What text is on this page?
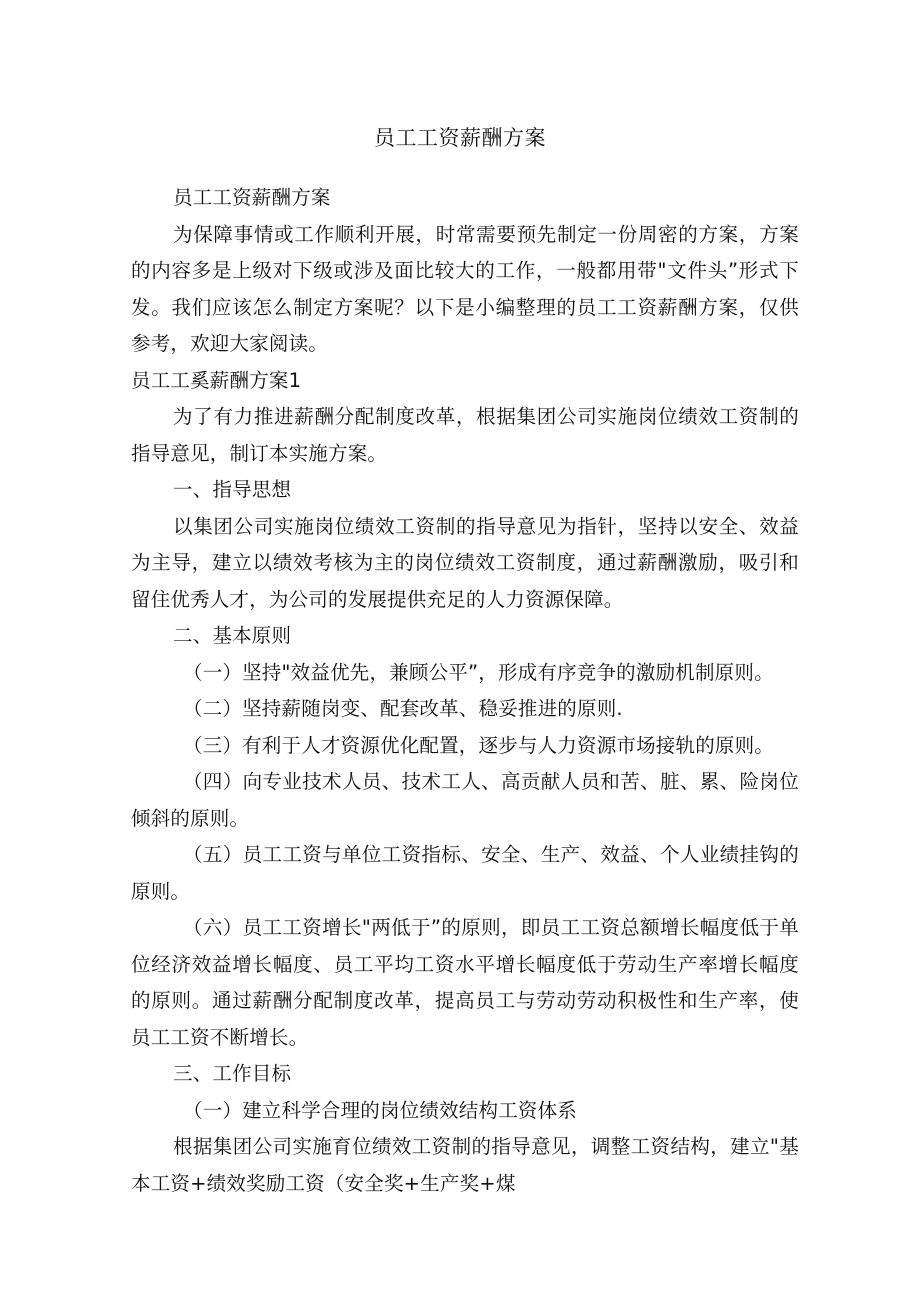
员工工资薪酬方案

员工工资薪酬方案

为保障事情或工作顺利开展，时常需要预先制定一份周密的方案，方案的内容多是上级对下级或涉及面比较大的工作，一般都用带"文件头”形式下发。我们应该怎么制定方案呢？以下是小编整理的员工工资薪酬方案，仅供参考，欢迎大家阅读。

员工工奚薪酬方案1

为了有力推进薪酬分配制度改革，根据集团公司实施岗位绩效工资制的指导意见，制订本实施方案。

一、指导思想

以集团公司实施岗位绩效工资制的指导意见为指针，坚持以安全、效益为主导，建立以绩效考核为主的岗位绩效工资制度，通过薪酬激励，吸引和留住优秀人才，为公司的发展提供充足的人力资源保障。

二、基本原则

（一）坚持"效益优先，兼顾公平”，形成有序竞争的激励机制原则。

（二）坚持薪随岗变、配套改革、稳妥推进的原则.

（三）有利于人才资源优化配置，逐步与人力资源市场接轨的原则。

（四）向专业技术人员、技术工人、高贡献人员和苦、脏、累、险岗位倾斜的原则。

（五）员工工资与单位工资指标、安全、生产、效益、个人业绩挂钩的原则。

（六）员工工资增长"两低于”的原则，即员工工资总额增长幅度低于单位经济效益增长幅度、员工平均工资水平增长幅度低于劳动生产率增长幅度的原则。通过薪酬分配制度改革，提高员工与劳动劳动积极性和生产率，使员工工资不断增长。

三、工作目标

（一）建立科学合理的岗位绩效结构工资体系

根据集团公司实施育位绩效工资制的指导意见，调整工资结构，建立"基本工资+绩效奖励工资（安全奖+生产奖+煤
